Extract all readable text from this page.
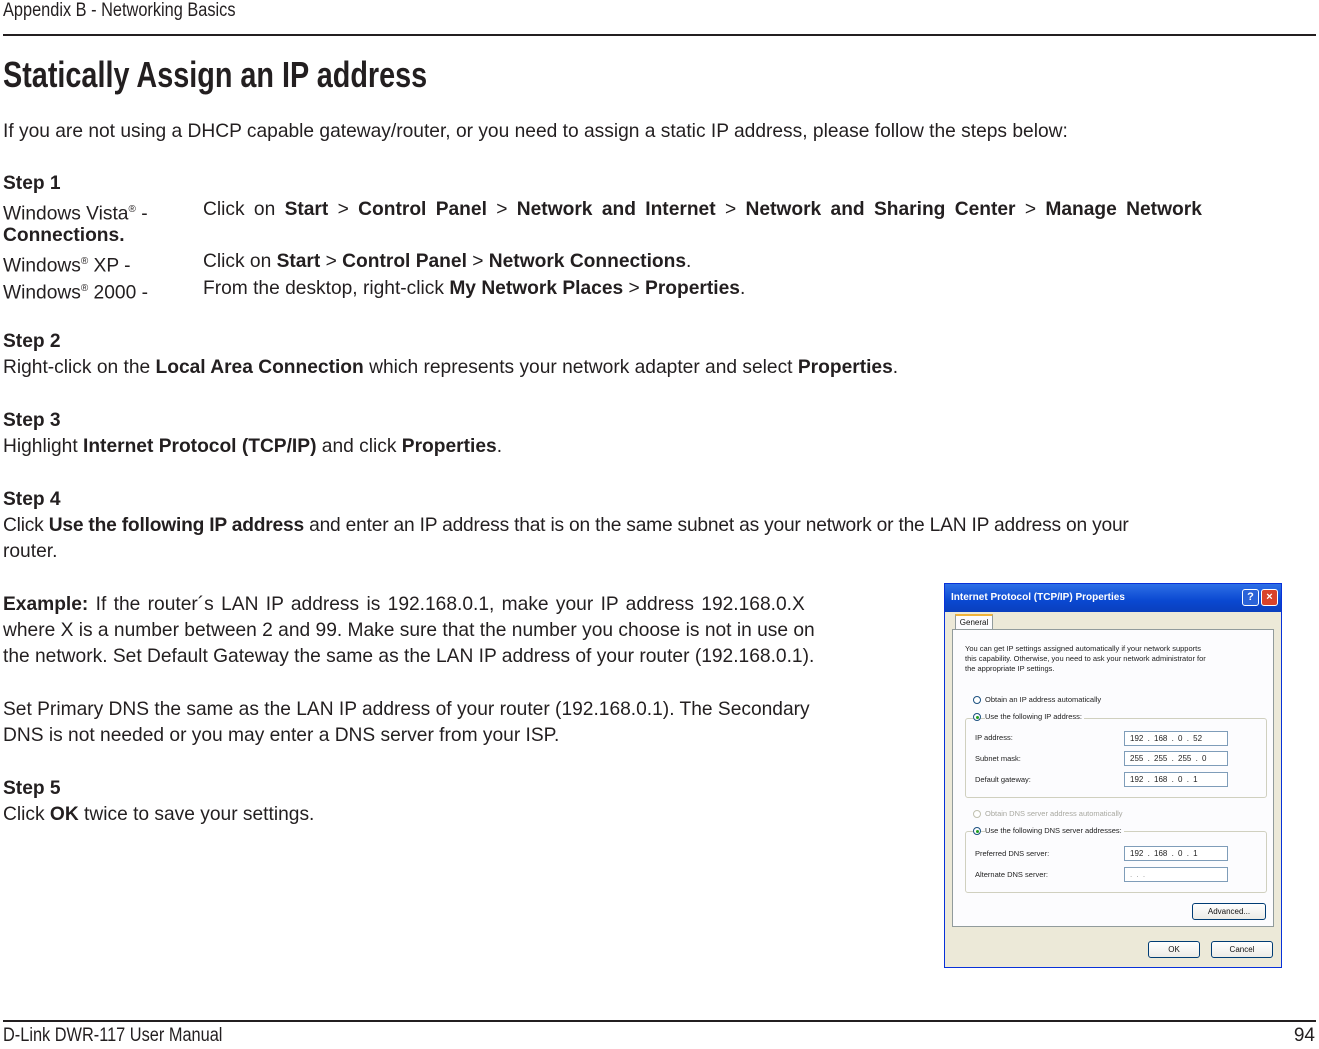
Appendix B - Networking Basics
Statically Assign an IP address
If you are not using a DHCP capable gateway/router, or you need to assign a static IP address, please follow the steps below:
Step 1
Windows Vista® -	Click on Start > Control Panel > Network and Internet > Network and Sharing Center > Manage Network
Connections.
Windows® XP -	Click on Start > Control Panel > Network Connections.
Windows® 2000 -	From the desktop, right-click My Network Places > Properties.
Step 2
Right-click on the Local Area Connection which represents your network adapter and select Properties.
Step 3
Highlight Internet Protocol (TCP/IP) and click Properties.
Step 4
Click Use the following IP address and enter an IP address that is on the same subnet as your network or the LAN IP address on your
router.
Example: If the router´s LAN IP address is 192.168.0.1, make your IP address 192.168.0.X
where X is a number between 2 and 99. Make sure that the number you choose is not in use on
the network. Set Default Gateway the same as the LAN IP address of your router (192.168.0.1).
Set Primary DNS the same as the LAN IP address of your router (192.168.0.1). The Secondary
DNS is not needed or you may enter a DNS server from your ISP.
Step 5
Click OK twice to save your settings.
Internet Protocol (TCP/IP) Properties	?	×
General
You can get IP settings assigned automatically if your network supports
this capability. Otherwise, you need to ask your network administrator for
the appropriate IP settings.
Obtain an IP address automatically
Use the following IP address:
IP address:	192 . 168 . 0 . 52
Subnet mask:	255 . 255 . 255 . 0
Default gateway:	192 . 168 . 0 . 1
Obtain DNS server address automatically
Use the following DNS server addresses:
Preferred DNS server:	192 . 168 . 0 . 1
Alternate DNS server:	. . .
Advanced...
OK	Cancel
D-Link DWR-117 User Manual	94
